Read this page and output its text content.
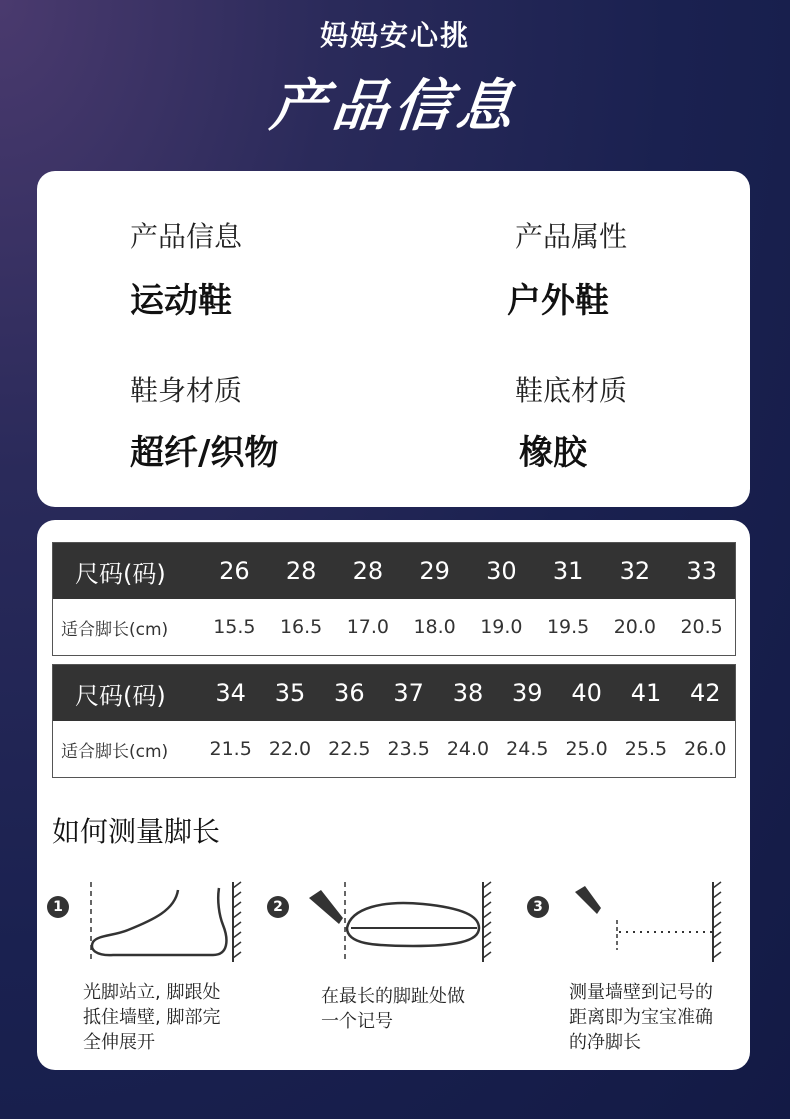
妈妈安心挑
产品信息
产品信息
运动鞋
产品属性
户外鞋
鞋身材质
超纤/织物
鞋底材质
橡胶
尺码(码)	26	28	28	29	30	31	32	33
适合脚长(cm)	15.5	16.5	17.0	18.0	19.0	19.5	20.0	20.5
尺码(码)	34	35	36	37	38	39	40	41	42
适合脚长(cm)	21.5 22.0 22.5 23.5 24.0 24.5 25.0 25.5 26.0
如何测量脚长
1
光脚站立, 脚跟处
抵住墙壁, 脚部完
全伸展开
2
在最长的脚趾处做
一个记号
3
测量墙壁到记号的
距离即为宝宝准确
的净脚长
